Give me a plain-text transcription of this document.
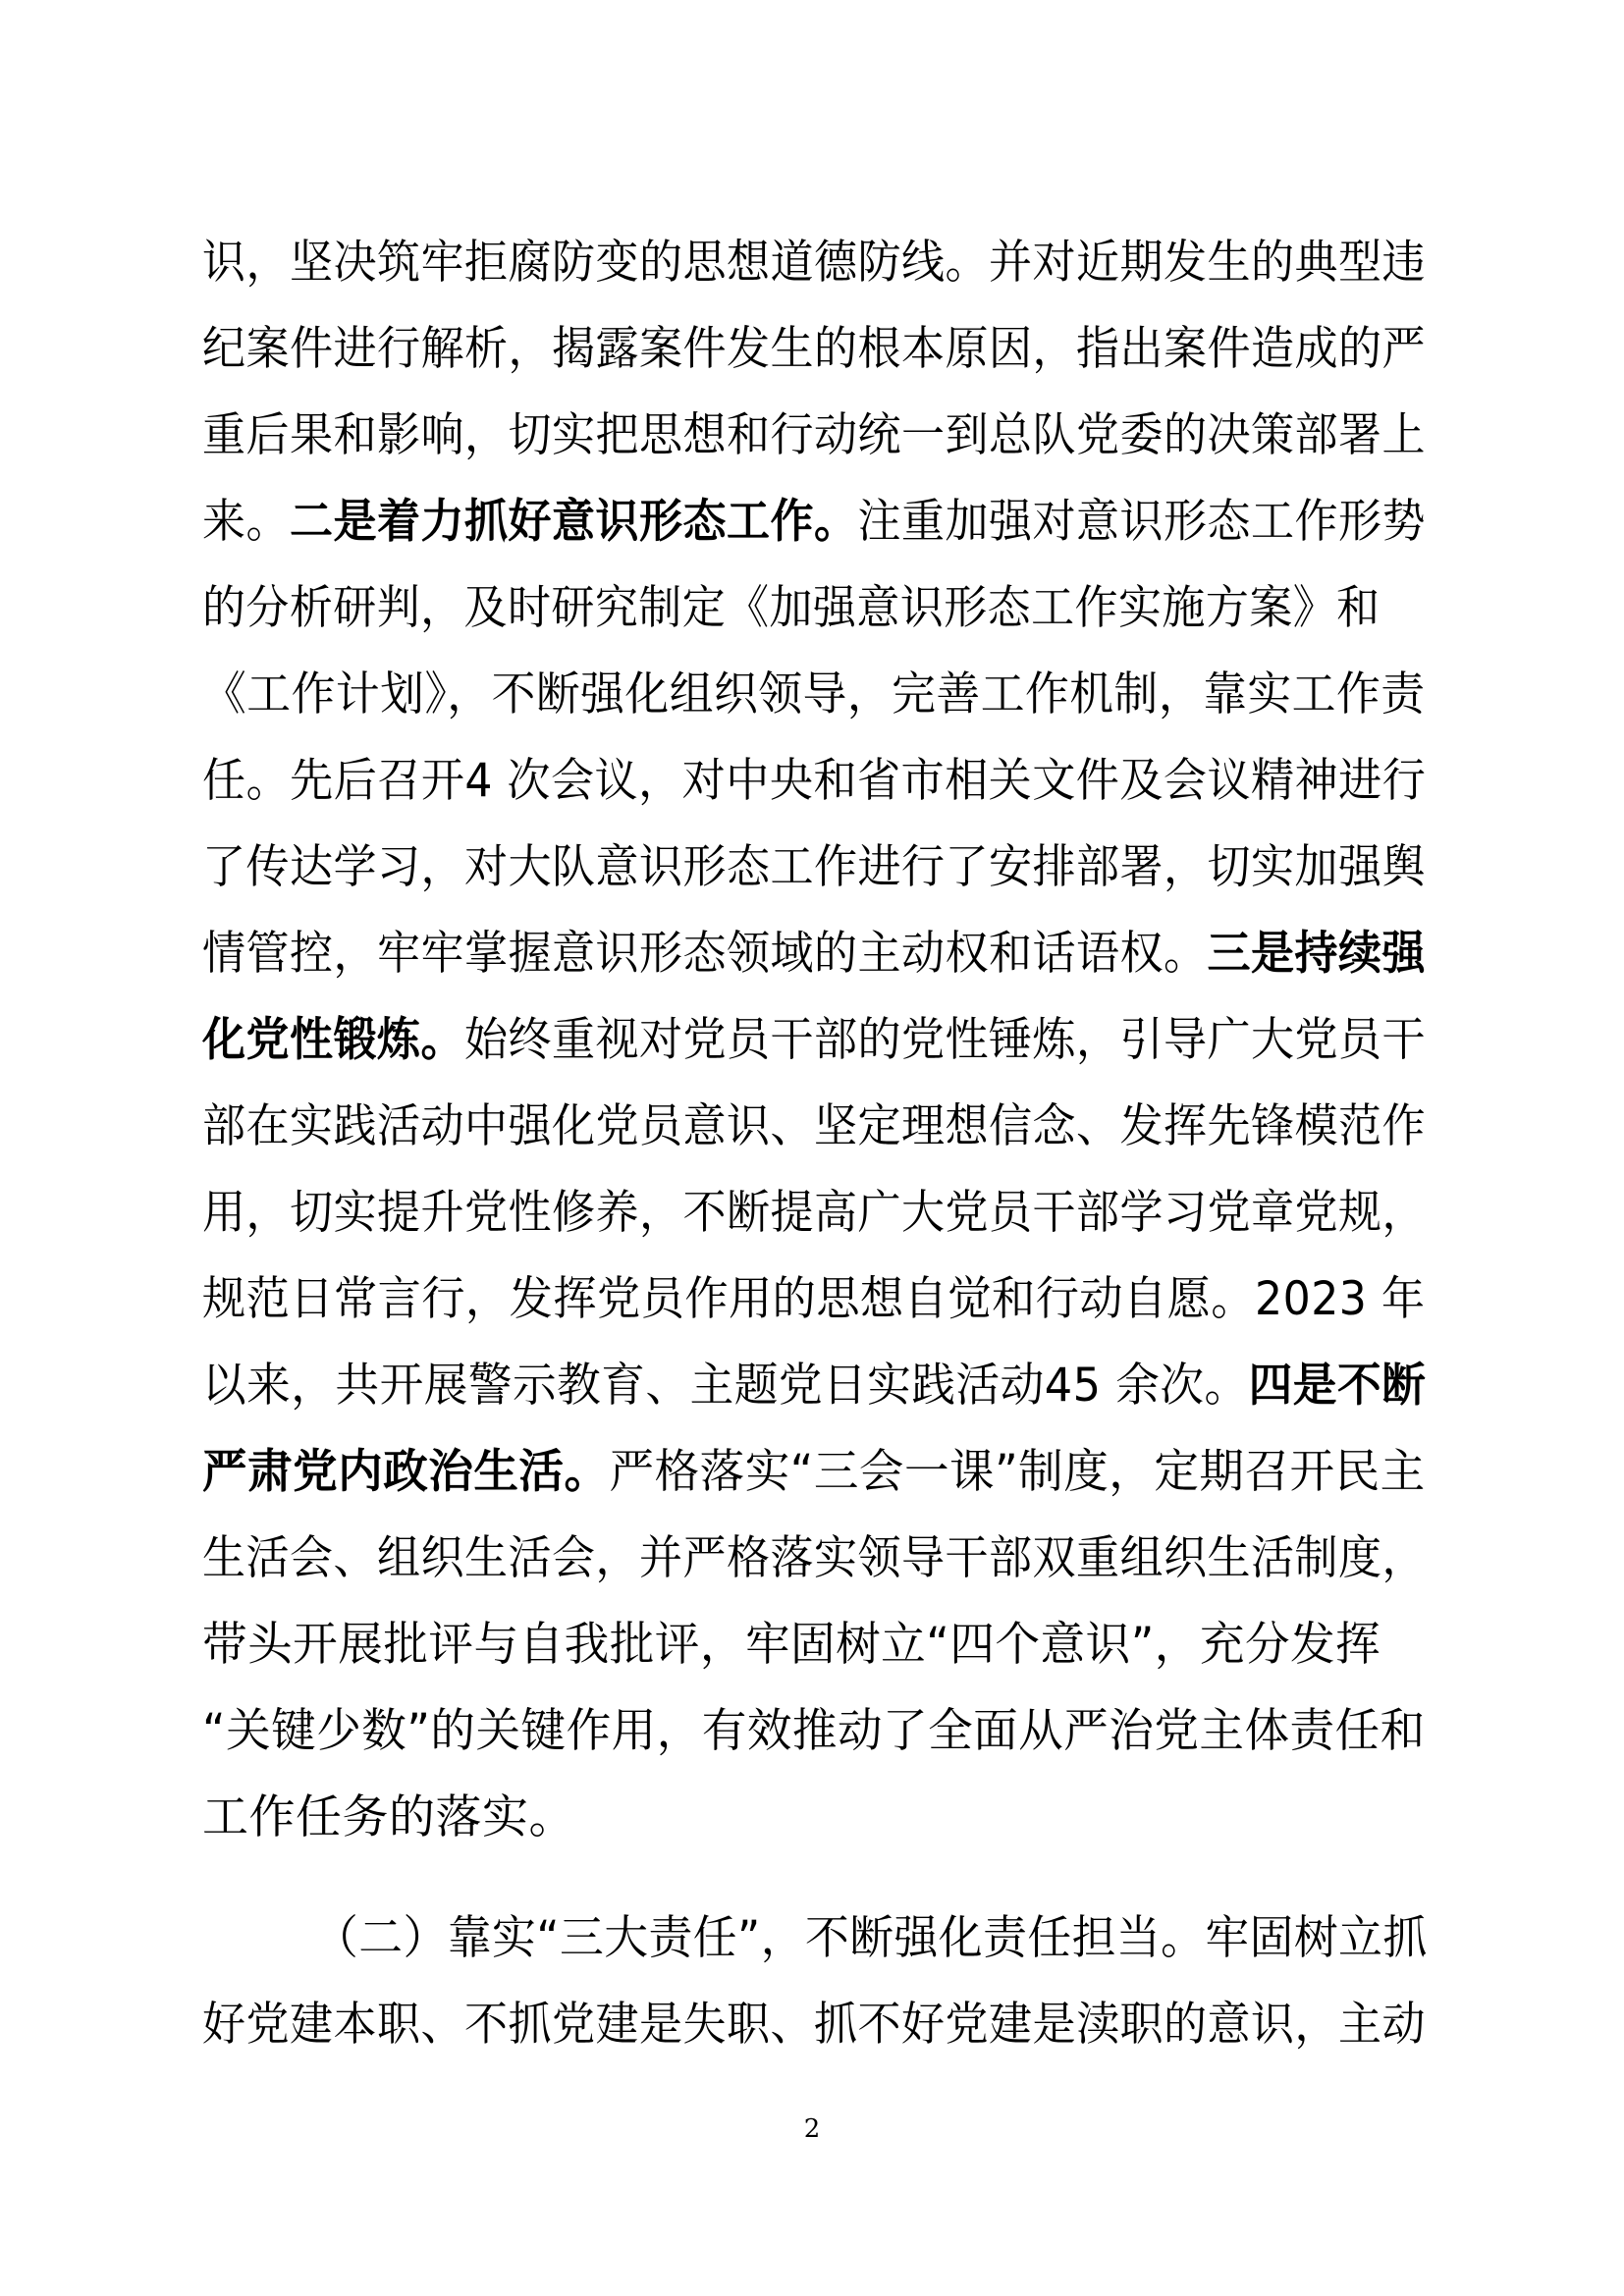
识，坚决筑牢拒腐防变的思想道德防线。并对近期发生的典型违
纪案件进行解析，揭露案件发生的根本原因，指出案件造成的严
重后果和影响，切实把思想和行动统一到总队党委的决策部署上
来。二是着力抓好意识形态工作。注重加强对意识形态工作形势
的分析研判，及时研究制定《加强意识形态工作实施方案》和
《工作计划》，不断强化组织领导，完善工作机制，靠实工作责
任。先后召开4 次会议，对中央和省市相关文件及会议精神进行
了传达学习，对大队意识形态工作进行了安排部署，切实加强舆
情管控，牢牢掌握意识形态领域的主动权和话语权。三是持续强
化党性锻炼。始终重视对党员干部的党性锤炼，引导广大党员干
部在实践活动中强化党员意识、坚定理想信念、发挥先锋模范作
用，切实提升党性修养，不断提高广大党员干部学习党章党规，
规范日常言行，发挥党员作用的思想自觉和行动自愿。2023 年
以来，共开展警示教育、主题党日实践活动45 余次。四是不断
严肃党内政治生活。严格落实“三会一课”制度，定期召开民主
生活会、组织生活会，并严格落实领导干部双重组织生活制度，
带头开展批评与自我批评，牢固树立“四个意识”，充分发挥
“关键少数”的关键作用，有效推动了全面从严治党主体责任和
工作任务的落实。
（二）靠实“三大责任”，不断强化责任担当。牢固树立抓
好党建本职、不抓党建是失职、抓不好党建是渎职的意识，主动
2
